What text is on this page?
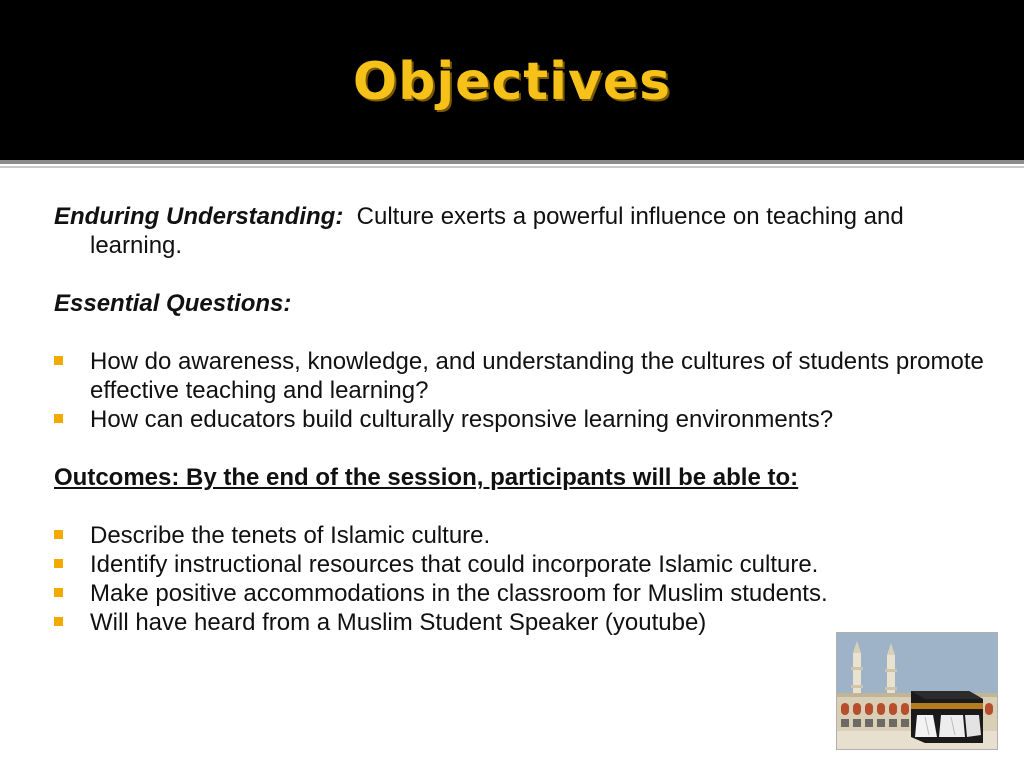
Objectives
Enduring Understanding: Culture exerts a powerful influence on teaching and learning.
Essential Questions:
How do awareness, knowledge, and understanding the cultures of students promote effective teaching and learning?
How can educators build culturally responsive learning environments?
Outcomes: By the end of the session, participants will be able to:
Describe the tenets of Islamic culture.
Identify instructional resources that could incorporate Islamic culture.
Make positive accommodations in the classroom for Muslim students.
Will have heard from a Muslim Student Speaker (youtube)
